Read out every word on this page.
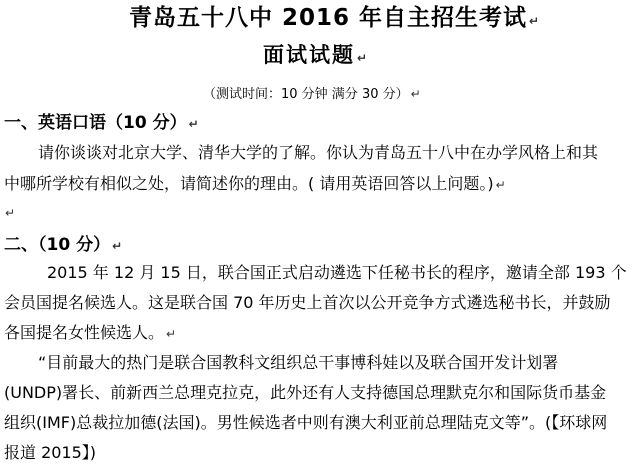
青岛五十八中 2016 年自主招生考试 ↵
面试试题 ↵
（测试时间：10 分钟 满分 30 分） ↵
一、英语口语（10 分） ↵
请你谈谈对北京大学、清华大学的了解。你认为青岛五十八中在办学风格上和其
中哪所学校有相似之处，请简述你的理由。( 请用英语回答以上问题。) ↵
↵
二、（10 分） ↵
2015 年 12 月 15 日，联合国正式启动遴选下任秘书长的程序，邀请全部 193 个
会员国提名候选人。这是联合国 70 年历史上首次以公开竞争方式遴选秘书长，并鼓励
各国提名女性候选人。 ↵
“目前最大的热门是联合国教科文组织总干事博科娃以及联合国开发计划署
(UNDP)署长、前新西兰总理克拉克，此外还有人支持德国总理默克尔和国际货币基金
组织(IMF)总裁拉加德(法国)。男性候选者中则有澳大利亚前总理陆克文等”。(【环球网
报道 2015】)
